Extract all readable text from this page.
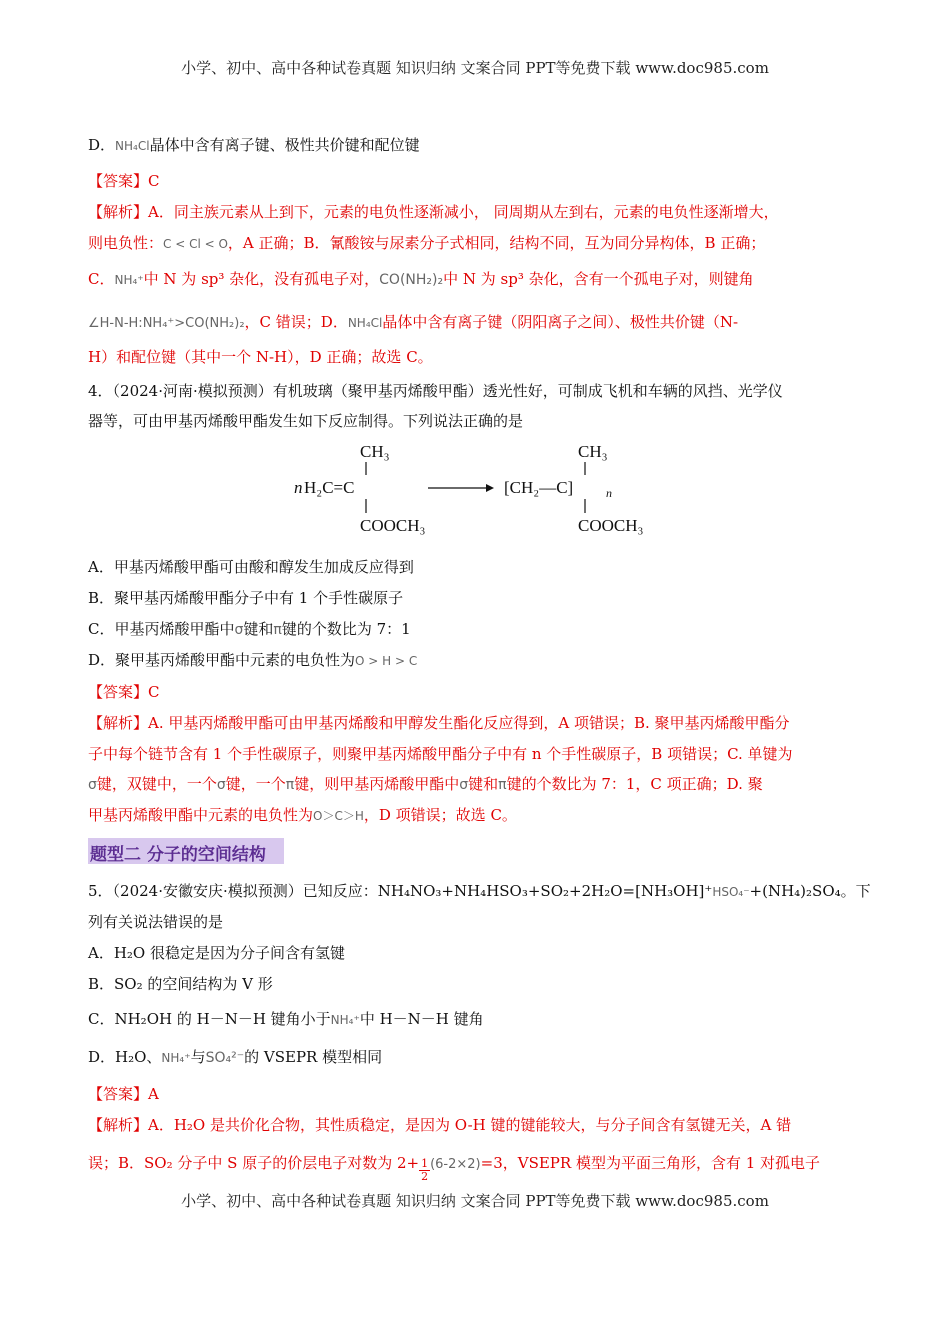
小学、初中、高中各种试卷真题 知识归纳 文案合同 PPT等免费下载 www.doc985.com
D．NH₄Cl晶体中含有离子键、极性共价键和配位键
【答案】C
【解析】A．同主族元素从上到下，元素的电负性逐渐减小， 同周期从左到右，元素的电负性逐渐增大，
则电负性：C < Cl < O，A 正确；B．氰酸铵与尿素分子式相同，结构不同，互为同分异构体，B 正确；
C．NH₄⁺中 N 为 sp³ 杂化，没有孤电子对，CO(NH₂)₂中 N 为 sp³ 杂化，含有一个孤电子对，则键角
∠H-N-H:NH₄⁺>CO(NH₂)₂，C 错误；D．NH₄Cl晶体中含有离子键（阴阳离子之间）、极性共价键（N-
H）和配位键（其中一个 N-H），D 正确；故选 C。
4．（2024·河南·模拟预测）有机玻璃（聚甲基丙烯酸甲酯）透光性好，可制成飞机和车辆的风挡、光学仪
器等，可由甲基丙烯酸甲酯发生如下反应制得。下列说法正确的是
CH₃
n H₂C=C
COOCH₃
CH₃
[CH₂—C]	n
COOCH₃
A．甲基丙烯酸甲酯可由酸和醇发生加成反应得到
B．聚甲基丙烯酸甲酯分子中有 1 个手性碳原子
C．甲基丙烯酸甲酯中σ键和π键的个数比为 7：1
D．聚甲基丙烯酸甲酯中元素的电负性为O > H > C
【答案】C
【解析】A. 甲基丙烯酸甲酯可由甲基丙烯酸和甲醇发生酯化反应得到，A 项错误；B. 聚甲基丙烯酸甲酯分
子中每个链节含有 1 个手性碳原子，则聚甲基丙烯酸甲酯分子中有 n 个手性碳原子，B 项错误；C. 单键为
σ键，双键中，一个σ键，一个π键，则甲基丙烯酸甲酯中σ键和π键的个数比为 7：1，C 项正确；D. 聚
甲基丙烯酸甲酯中元素的电负性为O＞C＞H，D 项错误；故选 C。
题型二 分子的空间结构
5．（2024·安徽安庆·模拟预测）已知反应：NH₄NO₃+NH₄HSO₃+SO₂+2H₂O=[NH₃OH]⁺HSO₄⁻+(NH₄)₂SO₄。下
列有关说法错误的是
A．H₂O 很稳定是因为分子间含有氢键
B．SO₂ 的空间结构为 V 形
C．NH₂OH 的 H－N－H 键角小于NH₄⁺中 H－N－H 键角
D．H₂O、NH₄⁺与SO₄²⁻的 VSEPR 模型相同
【答案】A
【解析】A．H₂O 是共价化合物，其性质稳定，是因为 O-H 键的键能较大，与分子间含有氢键无关，A 错
误；B．SO₂ 分子中 S 原子的价层电子对数为 $2+ \frac{1}{2}(6-2\times 2)=3$，VSEPR 模型为平面三角形，含有 1 对孤电子
小学、初中、高中各种试卷真题 知识归纳 文案合同 PPT等免费下载 www.doc985.com
